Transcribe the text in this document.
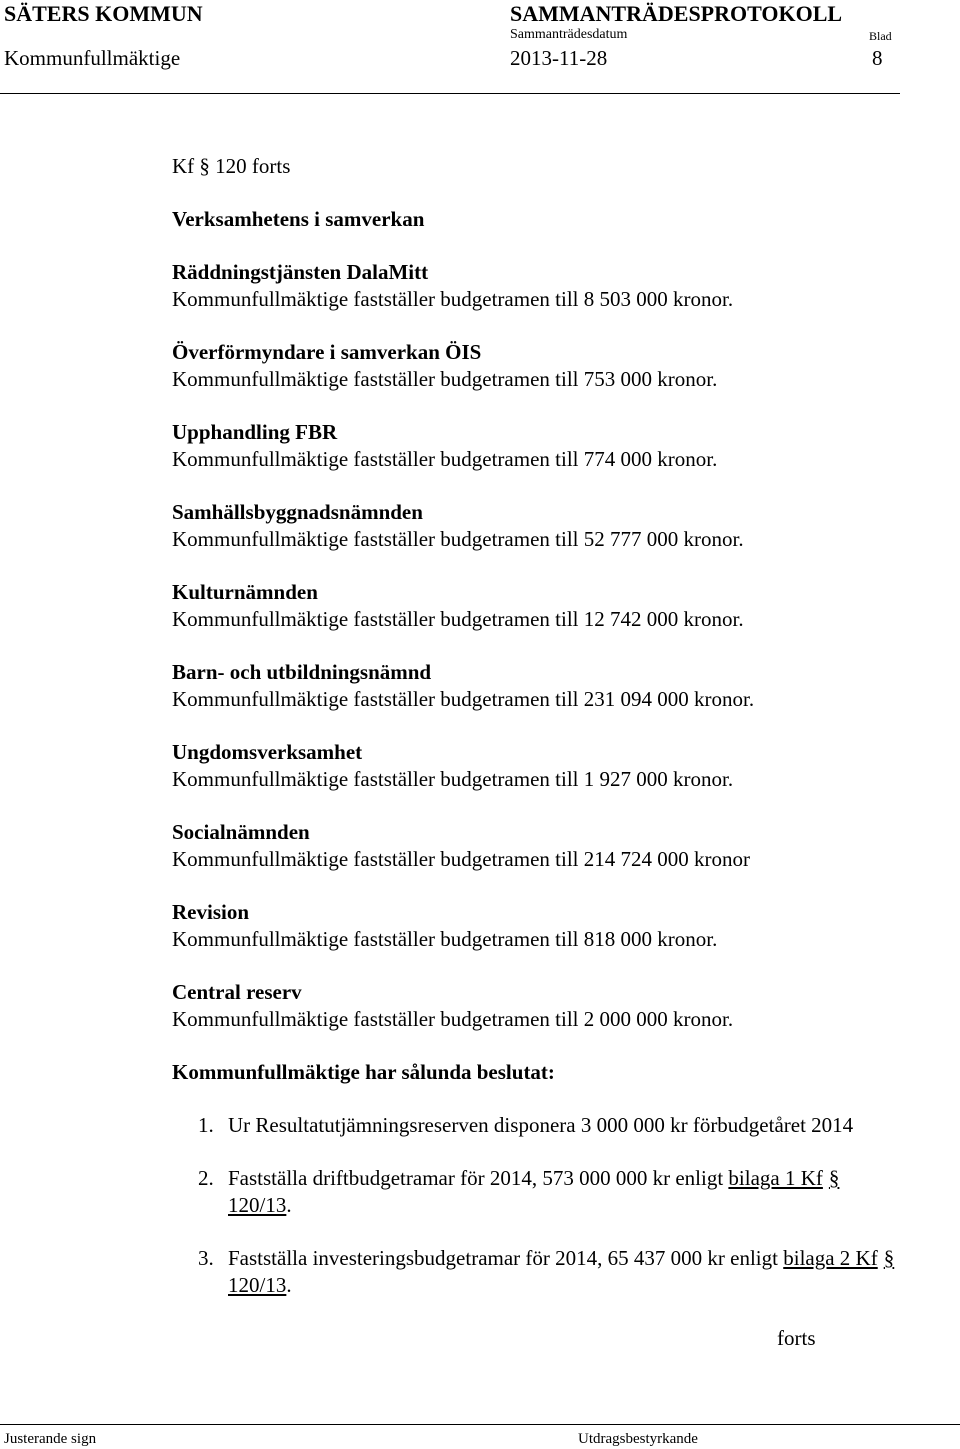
SÄTERS KOMMUN	SAMMANTRÄDESPROTOKOLL
Sammanträdesdatum	Blad
Kommunfullmäktige	2013-11-28	8
Kf § 120 forts
Verksamhetens i samverkan
Räddningstjänsten DalaMitt
Kommunfullmäktige fastställer budgetramen till 8 503 000 kronor.
Överförmyndare i samverkan ÖIS
Kommunfullmäktige fastställer budgetramen till 753 000 kronor.
Upphandling FBR
Kommunfullmäktige fastställer budgetramen till 774 000 kronor.
Samhällsbyggnadsnämnden
Kommunfullmäktige fastställer budgetramen till 52 777 000 kronor.
Kulturnämnden
Kommunfullmäktige fastställer budgetramen till 12 742 000 kronor.
Barn- och utbildningsnämnd
Kommunfullmäktige fastställer budgetramen till 231 094 000 kronor.
Ungdomsverksamhet
Kommunfullmäktige fastställer budgetramen till 1 927 000 kronor.
Socialnämnden
Kommunfullmäktige fastställer budgetramen till 214 724 000 kronor
Revision
Kommunfullmäktige fastställer budgetramen till 818 000 kronor.
Central reserv
Kommunfullmäktige fastställer budgetramen till 2 000 000 kronor.
Kommunfullmäktige har sålunda beslutat:
1. Ur Resultatutjämningsreserven disponera 3 000 000 kr förbudgetåret 2014
2. Fastställa driftbudgetramar för 2014, 573 000 000 kr enligt bilaga 1 Kf §
120/13.
3. Fastställa investeringsbudgetramar för 2014, 65 437 000 kr enligt bilaga 2 Kf §
120/13.
forts
Justerande sign	Utdragsbestyrkande
